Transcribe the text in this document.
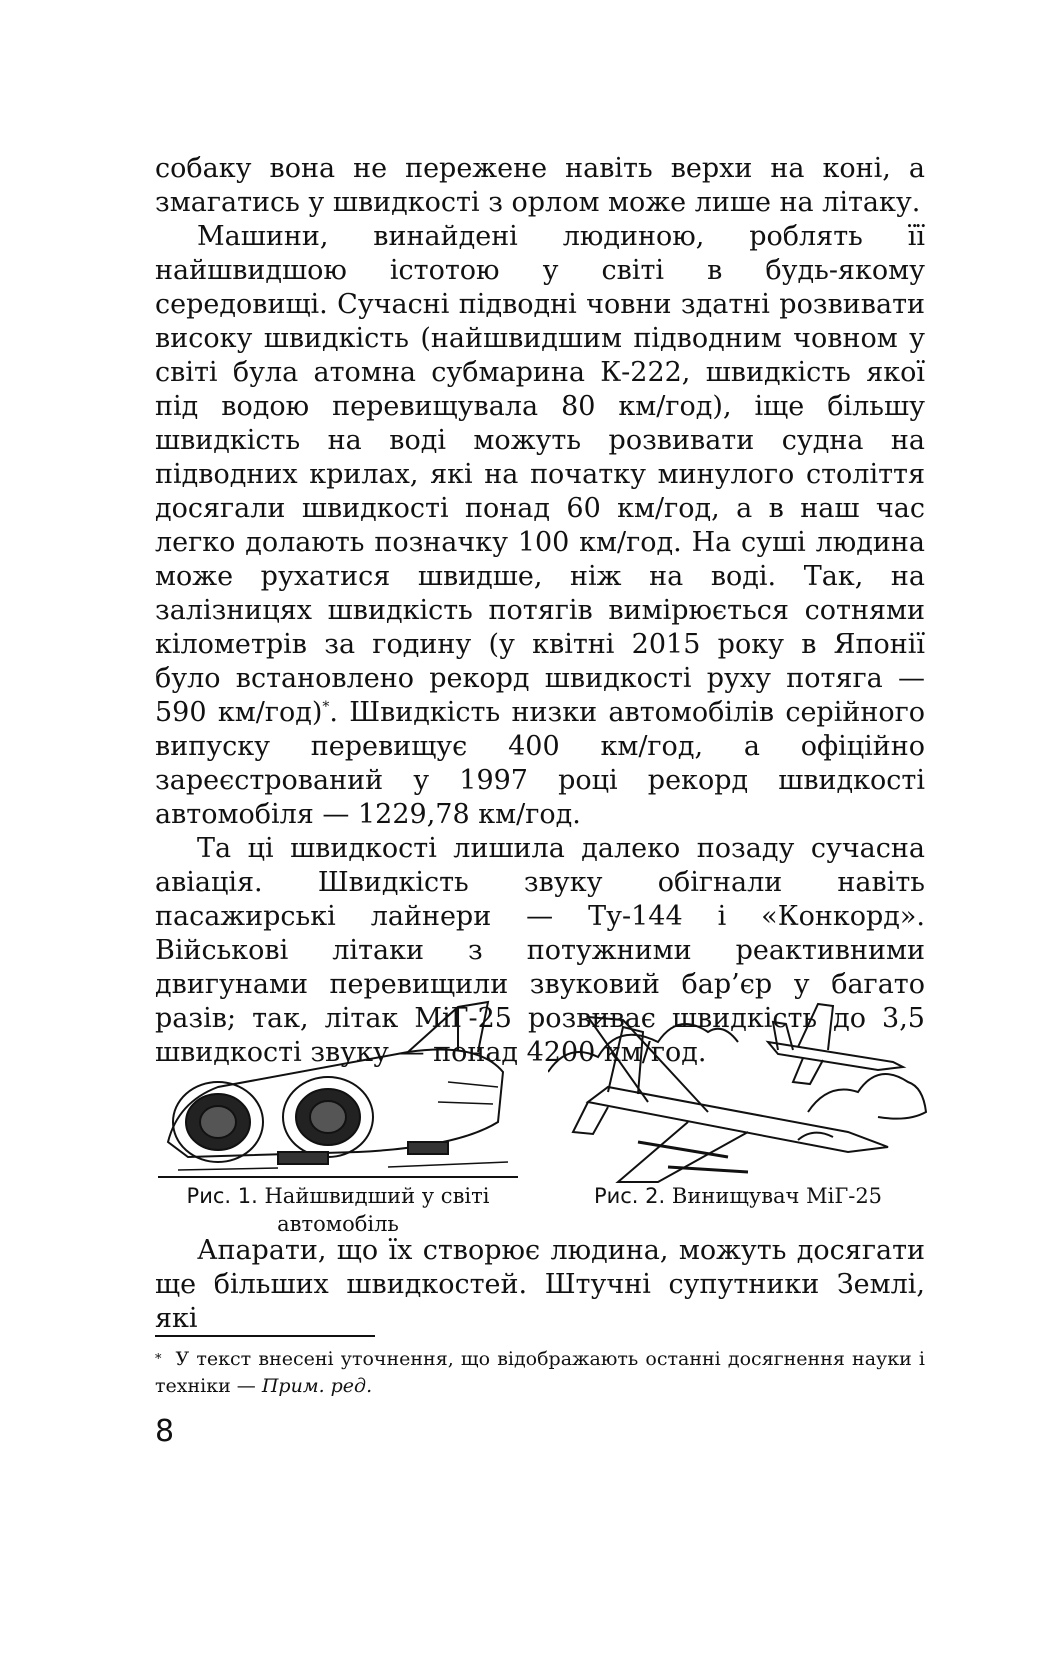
собаку вона не пережене навіть верхи на коні, а змагатись у швидкості з орлом може лише на літаку.

Машини, винайдені людиною, роблять її найшвидшою істотою у світі в будь-якому середовищі. Сучасні підводні човни здатні розвивати високу швидкість (найшвидшим підводним човном у світі була атомна субмарина К-222, швидкість якої під водою перевищувала 80 км/год), іще більшу швидкість на воді можуть розвивати судна на підводних крилах, які на початку минулого століття досягали швидкості понад 60 км/год, а в наш час легко долають позначку 100 км/год. На суші людина може рухатися швидше, ніж на воді. Так, на залізницях швидкість потягів вимірюється сотнями кілометрів за годину (у квітні 2015 року в Японії було встановлено рекорд швидкості руху потяга — 590 км/год)*. Швидкість низки автомобілів серійного випуску перевищує 400 км/год, а офіційно зареєстрований у 1997 році рекорд швидкості автомобіля — 1229,78 км/год.

Та ці швидкості лишила далеко позаду сучасна авіація. Швидкість звуку обігнали навіть пасажирські лайнери — Ту-144 і «Конкорд». Військові літаки з потужними реактивними двигунами перевищили звуковий бар’єр у багато разів; так, літак МіГ-25 розвиває швидкість до 3,5 швидкості звуку — понад 4200 км/год.

Рис. 1. Найшвидший у світі автомобіль
Рис. 2. Винищувач МіГ-25

Апарати, що їх створює людина, можуть досягати ще більших швидкостей. Штучні супутники Землі, які

* У текст внесені уточнення, що відображають останні досягнення науки і техніки — Прим. ред.
8
